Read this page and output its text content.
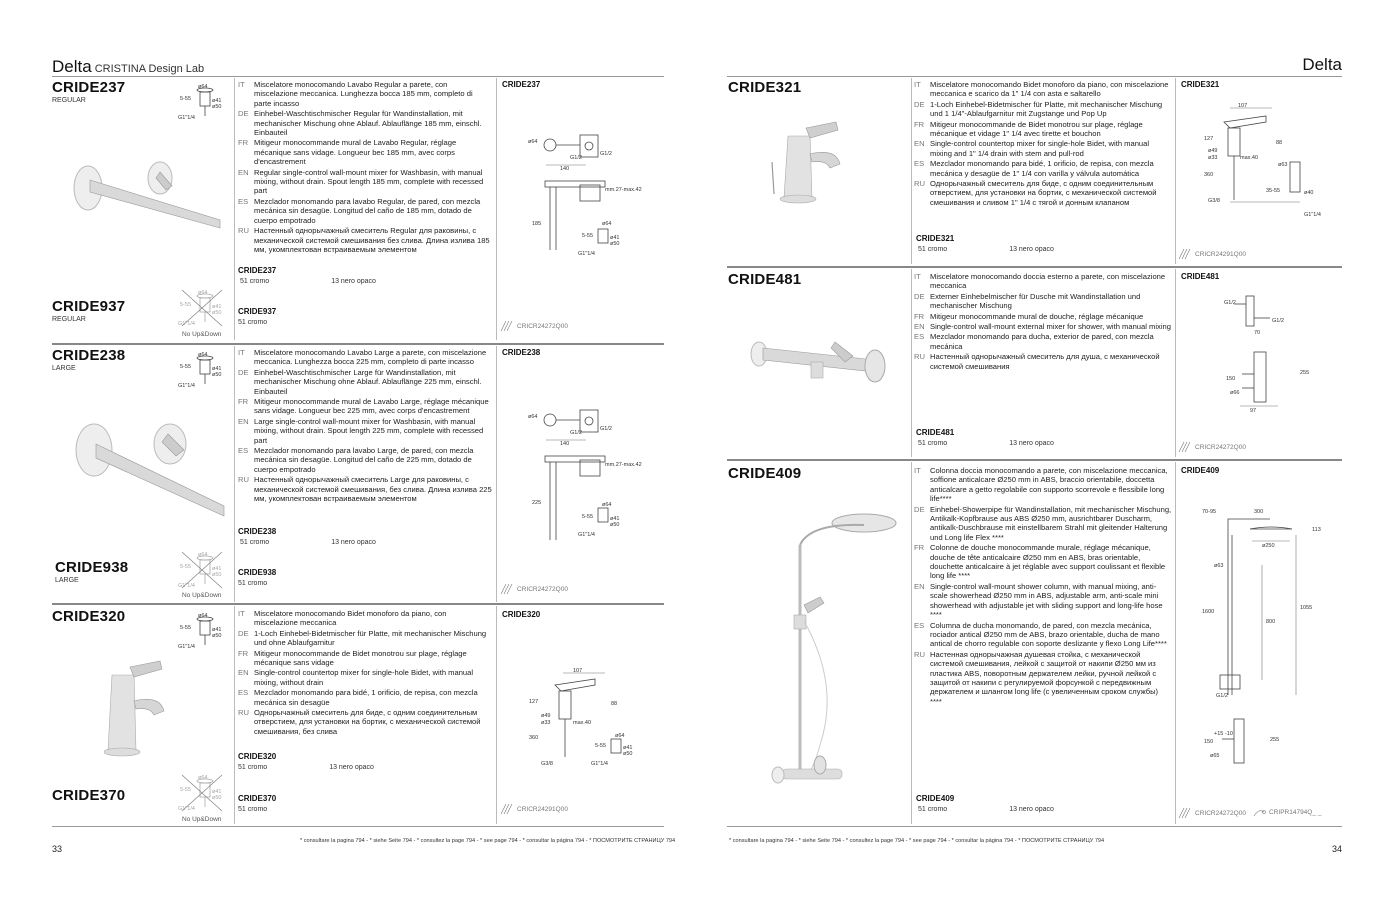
Delta CRISTINA Design Lab
CRIDE237
REGULAR
ø64
5-55	ø41
ø50
G1"1/4
IT	Miscelatore monocomando Lavabo Regular a parete, con miscelazione meccanica. Lunghezza bocca 185 mm, completo di parte incasso
DE Einhebel-Waschtischmischer Regular für Wandinstallation, mit mechanischer Mischung ohne Ablauf. Ablauflänge 185 mm, einschl. Einbauteil
FR Mitigeur monocommande mural de Lavabo Regular, réglage mécanique sans vidage. Longueur bec 185 mm, avec corps d'encastrement
EN Regular single-control wall-mount mixer for Washbasin, with manual mixing, without drain. Spout length 185 mm, complete with recessed part
ES Mezclador monomando para lavabo Regular, de pared, con mezcla mecánica sin desagüe. Longitud del caño de 185 mm, dotado de cuerpo empotrado
RU Настенный однорычажный смеситель Regular для раковины, с механической системой смешивания без слива. Длина излива 185 мм, укомплектован встраиваемым элементом
CRIDE237
51 cromo	13 nero opaco
CRIDE237
ø64
G1/2
G1/2
140
mm.27-max.42
185	ø64
5-55	ø41
ø50
G1"1/4
CRIDE937
REGULAR
ø64
5-55	ø41
ø50
G1"1/4
No Up&Down
CRIDE937
51 cromo	CRICR24272Q00
CRIDE238
LARGE
ø64
5-55	ø41
ø50
G1"1/4
IT	Miscelatore monocomando Lavabo Large a parete, con miscelazione meccanica. Lunghezza bocca 225 mm, completo di parte incasso
DE Einhebel-Waschtischmischer Large für Wandinstallation, mit mechanischer Mischung ohne Ablauf. Ablauflänge 225 mm, einschl. Einbauteil
FR Mitigeur monocommande mural de Lavabo Large, réglage mécanique sans vidage. Longueur bec 225 mm, avec corps d'encastrement
EN Large single-control wall-mount mixer for Washbasin, with manual mixing, without drain. Spout length 225 mm, complete with recessed part
ES Mezclador monomando para lavabo Large, de pared, con mezcla mecánica sin desagüe. Longitud del caño de 225 mm, dotado de cuerpo empotrado
RU Настенный однорычажный смеситель Large для раковины, с механической системой смешивания, без слива. Длина излива 225 мм, укомплектован встраиваемым элементом
CRIDE238
51 cromo	13 nero opaco
CRIDE238
ø64
G1/2
G1/2
140
mm.27-max.42
225	ø64
5-55	ø41
ø50
G1"1/4
CRIDE938
LARGE
ø64
5-55	ø41
ø50
G1"1/4
No Up&Down
CRIDE938
51 cromo
CRICR24272Q00
CRIDE320	ø64
5-55	ø41
ø50
G1"1/4
IT	Miscelatore monocomando Bidet monoforo da piano, con miscelazione meccanica
DE 1-Loch Einhebel-Bidetmischer für Platte, mit mechanischer Mischung und ohne Ablaufgarnitur
FR Mitigeur monocommande de Bidet monotrou sur plage, réglage mécanique sans vidage
EN Single-control countertop mixer for single-hole Bidet, with manual mixing, without drain
ES Mezclador monomando para bidé, 1 orificio, de repisa, con mezcla mecánica sin desagüe
RU Однорычажный смеситель для биде, с одним соединительным отверстием, для установки на бортик, с механической системой смешивания, без слива
CRIDE320
51 cromo	13 nero opaco
CRIDE320
107
127	88
ø49
ø33	max.40
360
G3/8
ø64
5-55	ø41
ø50
G1"1/4
CRIDE370
ø64
5-55	ø41
ø50
G1"1/4
No Up&Down
CRIDE370
51 cromo	CRICR24291Q00
* consultare la pagina 794 - * siehe Seite 794 - * consultez la page 794 - * see page 794 - * consultar la página 794 - * ПОСМОТРИТЕ СТРАНИЦУ 794
33
Delta
CRIDE321	IT	Miscelatore monocomando Bidet monoforo da piano, con miscelazione meccanica e scarico da 1" 1/4 con asta e saltarello
DE 1-Loch Einhebel-Bidetmischer für Platte, mit mechanischer Mischung und 1 1/4"-Ablaufgarnitur mit Zugstange und Pop Up
FR Mitigeur monocommande de Bidet monotrou sur plage, réglage mécanique et vidage 1" 1/4 avec tirette et bouchon
EN Single-control countertop mixer for single-hole Bidet, with manual mixing and 1" 1/4 drain with stem and pull-rod
ES Mezclador monomando para bidé, 1 orificio, de repisa, con mezcla mecánica y desagüe de 1" 1/4 con varilla y válvula automática
RU Однорычажный смеситель для биде, с одним соединительным отверстием, для установки на бортик, с механической системой смешивания и сливом 1" 1/4 с тягой и донным клапаном
CRIDE321
51 cromo	13 nero opaco
CRIDE321
107
127
88
ø49
ø33	max.40
360
ø63
35-55	ø40
G3/8
G1"1/4
CRICR24291Q00
CRIDE481	IT	Miscelatore monocomando doccia esterno a parete, con miscelazione meccanica
DE Externer Einhebelmischer für Dusche mit Wandinstallation und mechanischer Mischung
FR Mitigeur monocommande mural de douche, réglage mécanique
EN Single-control wall-mount external mixer for shower, with manual mixing
ES Mezclador monomando para ducha, exterior de pared, con mezcla mecánica
RU Настенный однорычажный смеситель для душа, с механической системой смешивания
CRIDE481
51 cromo	13 nero opaco
CRIDE481
G1/2
G1/2
70
150
255
ø66
97
CRICR24272Q00
CRIDE409	IT	Colonna doccia monocomando a parete, con miscelazione meccanica, soffione anticalcare Ø250 mm in ABS, braccio orientabile, doccetta anticalcare a getto regolabile con supporto scorrevole e flessibile long life****
DE Einhebel-Showerpipe für Wandinstallation, mit mechanischer Mischung, Antikalk-Kopfbrause aus ABS Ø250 mm, ausrichtbarer Duscharm, antikalk-Duschbrause mit einstellbarem Strahl mit gleitender Halterung und Long life Flex ****
FR Colonne de douche monocommande murale, réglage mécanique, douche de tête anticalcaire Ø250 mm en ABS, bras orientable, douchette anticalcaire à jet réglable avec support coulissant et flexible long life ****
EN Single-control wall-mount shower column, with manual mixing, anti-scale showerhead Ø250 mm in ABS, adjustable arm, anti-scale mini showerhead with adjustable jet with sliding support and long-life hose ****
ES Columna de ducha monomando, de pared, con mezcla mecánica, rociador antical Ø250 mm de ABS, brazo orientable, ducha de mano antical de chorro regulable con soporte deslizante y flexo Long Life****
RU Настенная однорычажная душевая стойка, с механической системой смешивания, лейкой с защитой от накипи Ø250 мм из пластика ABS, поворотным держателем лейки, ручной лейкой с защитой от накипи с регулируемой форсункой с передвижным держателем и шлангом long life (с увеличенным сроком службы) ****
CRIDE409
51 cromo	13 nero opaco
CRIDE409
70-95	300
113
ø250
ø63
1600
800
1055
G1/2
150
+15 -10
255
ø65
CRICR24272Q00	CRIPR14794Q_ _
* consultare la pagina 794 - * siehe Seite 794 - * consultez la page 794 - * see page 794 - * consultar la página 794 - * ПОСМОТРИТЕ СТРАНИЦУ 794
34
